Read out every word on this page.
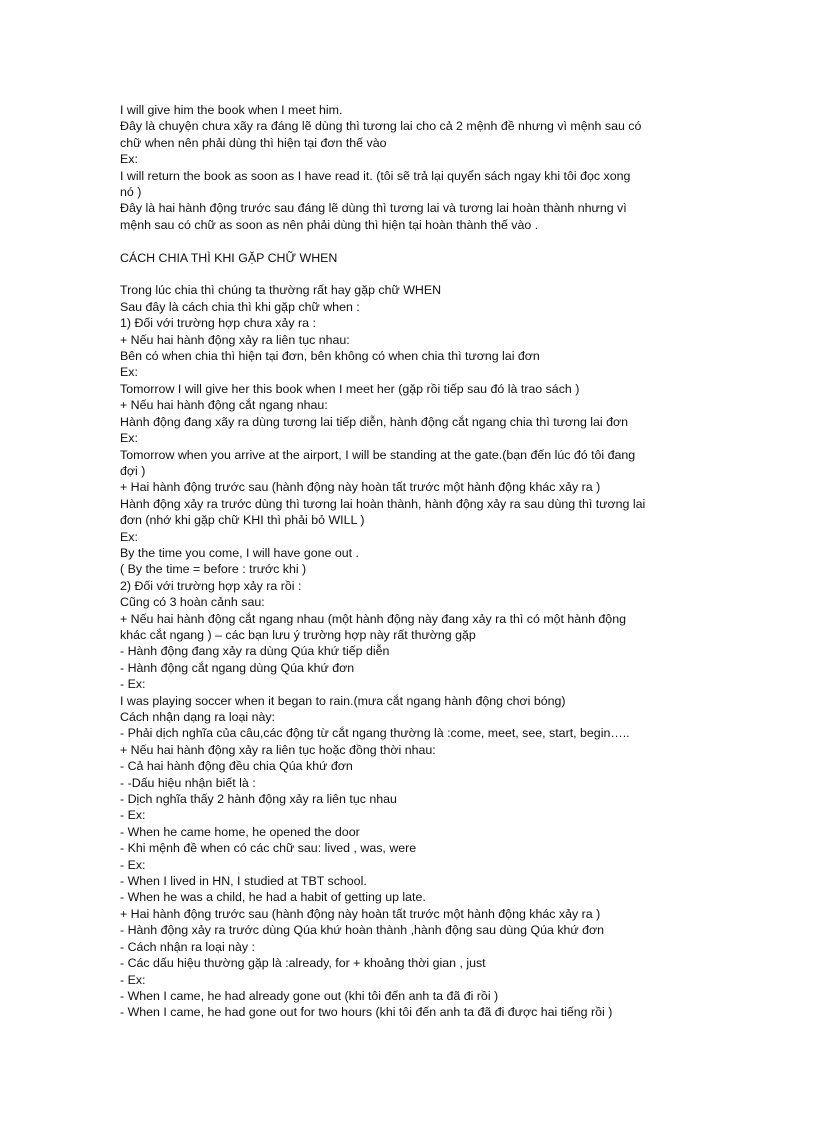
I will give him the book when I meet him.
Đây là chuyện chưa xãy ra đáng lẽ dùng thì tương lai cho cả 2 mệnh đề nhưng vì mệnh sau có
chữ when nên phải dùng thì hiện tại đơn thế vào
Ex:
I will return the book as soon as I have read it. (tôi sẽ trả lại quyển sách ngay khi tôi đọc xong
nó )
Đây là hai hành động trước sau đáng lẽ dùng thì tương lai và tương lai hoàn thành nhưng vì
mệnh sau có chữ as soon as nên phải dùng thì hiện tại hoàn thành thế vào .
CÁCH CHIA THÌ KHI GẶP CHỮ WHEN
Trong lúc chia thì chúng ta thường rất hay gặp chữ WHEN
Sau đây là cách chia thì khi gặp chữ when :
1) Đối với trường hợp chưa xảy ra :
+ Nếu hai hành động xảy ra liên tục nhau:
Bên có when chia thì hiện tại đơn, bên không có when chia thì tương lai đơn
Ex:
Tomorrow I will give her this book when I meet her (gặp rồi tiếp sau đó là trao sách )
+ Nếu hai hành động cắt ngang nhau:
Hành động đang xãy ra dùng tương lai tiếp diễn, hành động cắt ngang chia thì tương lai đơn
Ex:
Tomorrow when you arrive at the airport, I will be standing at the gate.(bạn đến lúc đó tôi đang
đợi )
+ Hai hành động trước sau (hành động này hoàn tất trước một hành động khác xảy ra )
Hành động xảy ra trước dùng thì tương lai hoàn thành, hành động xảy ra sau dùng thì tương lai
đơn (nhớ khi gặp chữ KHI thì phải bỏ WILL )
Ex:
By the time you come, I will have gone out .
( By the time = before : trước khi )
2) Đối với trường hợp xảy ra rồi :
Cũng có 3 hoàn cảnh sau:
+ Nếu hai hành động cắt ngang nhau (một hành động này đang xảy ra thì có một hành động
khác cắt ngang ) – các bạn lưu ý trường hợp này rất thường gặp
- Hành động đang xảy ra dùng Qúa khứ tiếp diễn
- Hành động cắt ngang dùng Qúa khứ đơn
- Ex:
I was playing soccer when it began to rain.(mưa cắt ngang hành động chơi bóng)
Cách nhận dạng ra loại này:
- Phải dịch nghĩa của câu,các động từ cắt ngang thường là :come, meet, see, start, begin…..
+ Nếu hai hành động xảy ra liên tục hoặc đồng thời nhau:
- Cả hai hành động đều chia Qúa khứ đơn
- -Dấu hiệu nhận biết là :
- Dịch nghĩa thấy 2 hành động xảy ra liên tục nhau
- Ex:
- When he came home, he opened the door
- Khi mệnh đề when có các chữ sau: lived , was, were
- Ex:
- When I lived in HN, I studied at TBT school.
- When he was a child, he had a habit of getting up late.
+ Hai hành động trước sau (hành động này hoàn tất trước một hành động khác xảy ra )
- Hành động xảy ra trước dùng Qúa khứ hoàn thành ,hành động sau dùng Qúa khứ đơn
- Cách nhận ra loại này :
- Các dấu hiệu thường gặp là :already, for + khoảng thời gian , just
- Ex:
- When I came, he had already gone out (khi tôi đến anh ta đã đi rồi )
- When I came, he had gone out for two hours (khi tôi đến anh ta đã đi được hai tiếng rồi )
